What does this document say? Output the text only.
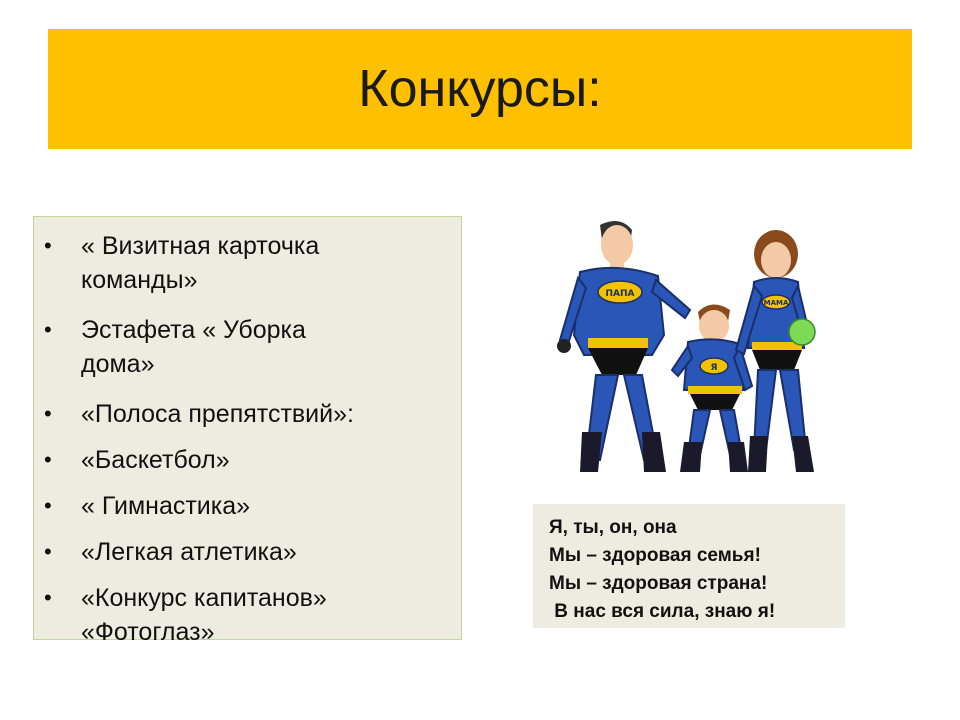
Конкурсы:
• « Визитная карточка
команды»
• Эстафета « Уборка
дома»
• «Полоса препятствий»:
• «Баскетбол»
• « Гимнастика»
• «Легкая атлетика»
• «Конкурс капитанов»
«Фотоглаз»
ПАПА
Я
МАМА
Я, ты, он, она
Мы – здоровая семья!
Мы – здоровая страна!
В нас вся сила, знаю я!
